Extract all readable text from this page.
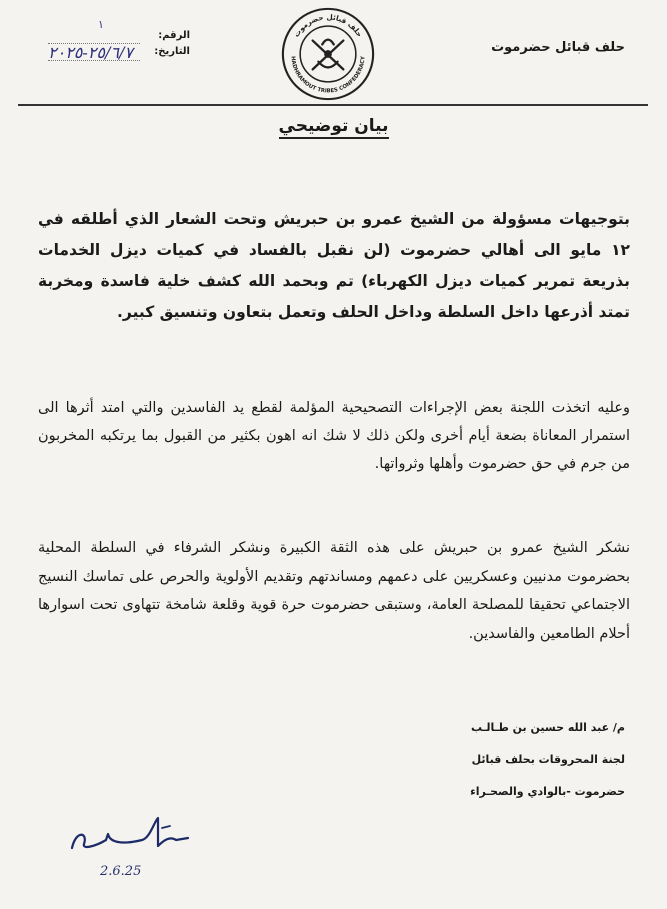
حلف قبائل حضرموت
١
الرقم:
التاريخ:
٢٥/٦/٧-٢٠٢٥
حلف قبائل حضرموت
HADHRAMOUT TRIBES CONFEDERACY
بيان توضيحي

بتوجيهات مسؤولة من الشيخ عمرو بن حبريش وتحت الشعار الذي أطلقه في ١٢ مايو الى أهالي حضرموت (لن نقبل بالفساد في كميات ديزل الخدمات بذريعة تمرير كميات ديزل الكهرباء) تم وبحمد الله كشف خلية فاسدة ومخربة تمتد أذرعها داخل السلطة وداخل الحلف وتعمل بتعاون وتنسيق كبير.

وعليه اتخذت اللجنة بعض الإجراءات التصحيحية المؤلمة لقطع يد الفاسدين والتي امتد أثرها الى استمرار المعاناة بضعة أيام أخرى ولكن ذلك لا شك انه اهون بكثير من القبول بما يرتكبه المخربون من جرم في حق حضرموت وأهلها وثرواتها.

نشكر الشيخ عمرو بن حبريش على هذه الثقة الكبيرة ونشكر الشرفاء في السلطة المحلية بحضرموت مدنيين وعسكريين على دعمهم ومساندتهم وتقديم الأولوية والحرص على تماسك النسيج الاجتماعي تحقيقا للمصلحة العامة، وستبقى حضرموت حرة قوية وقلعة شامخة تتهاوى تحت اسوارها أحلام الطامعين والفاسدين.

م/ عبد الله حسين بن طـالـب
لجنة المحروقات بحلف قبائل
حضرموت -بالوادي والصحـراء
2.6.25
